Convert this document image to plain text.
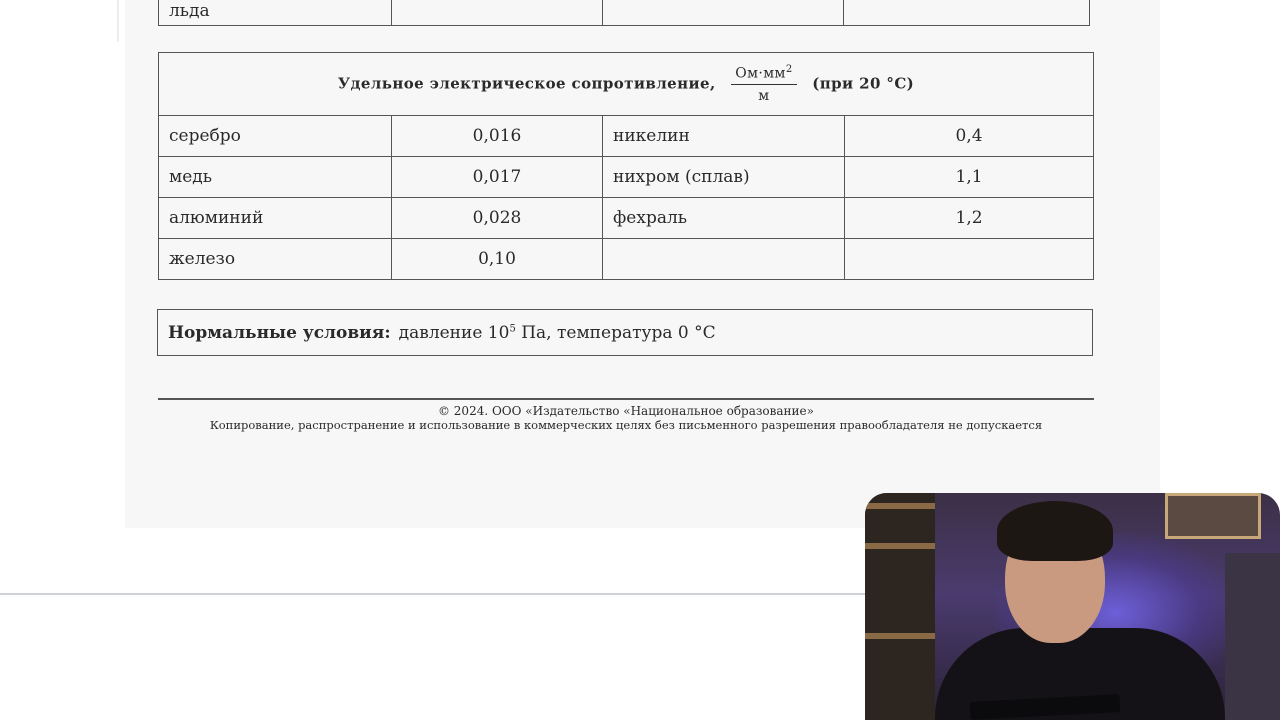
льда			
Удельное электрическое сопротивление, $\frac{Ом\cdot мм^2}{м} (при$ 20 °C)			
серебро	0,016	никелин	0,4
медь	0,017	нихром (сплав)	1,1
алюминий	0,028	фехраль	1,2
железо	0,10		
Нормальные условия: давление $10^5$ Па, температура 0 °C
© 2024. ООО «Издательство «Национальное образование»
Копирование, распространение и использование в коммерческих целях без письменного разрешения правообладателя не допускается
